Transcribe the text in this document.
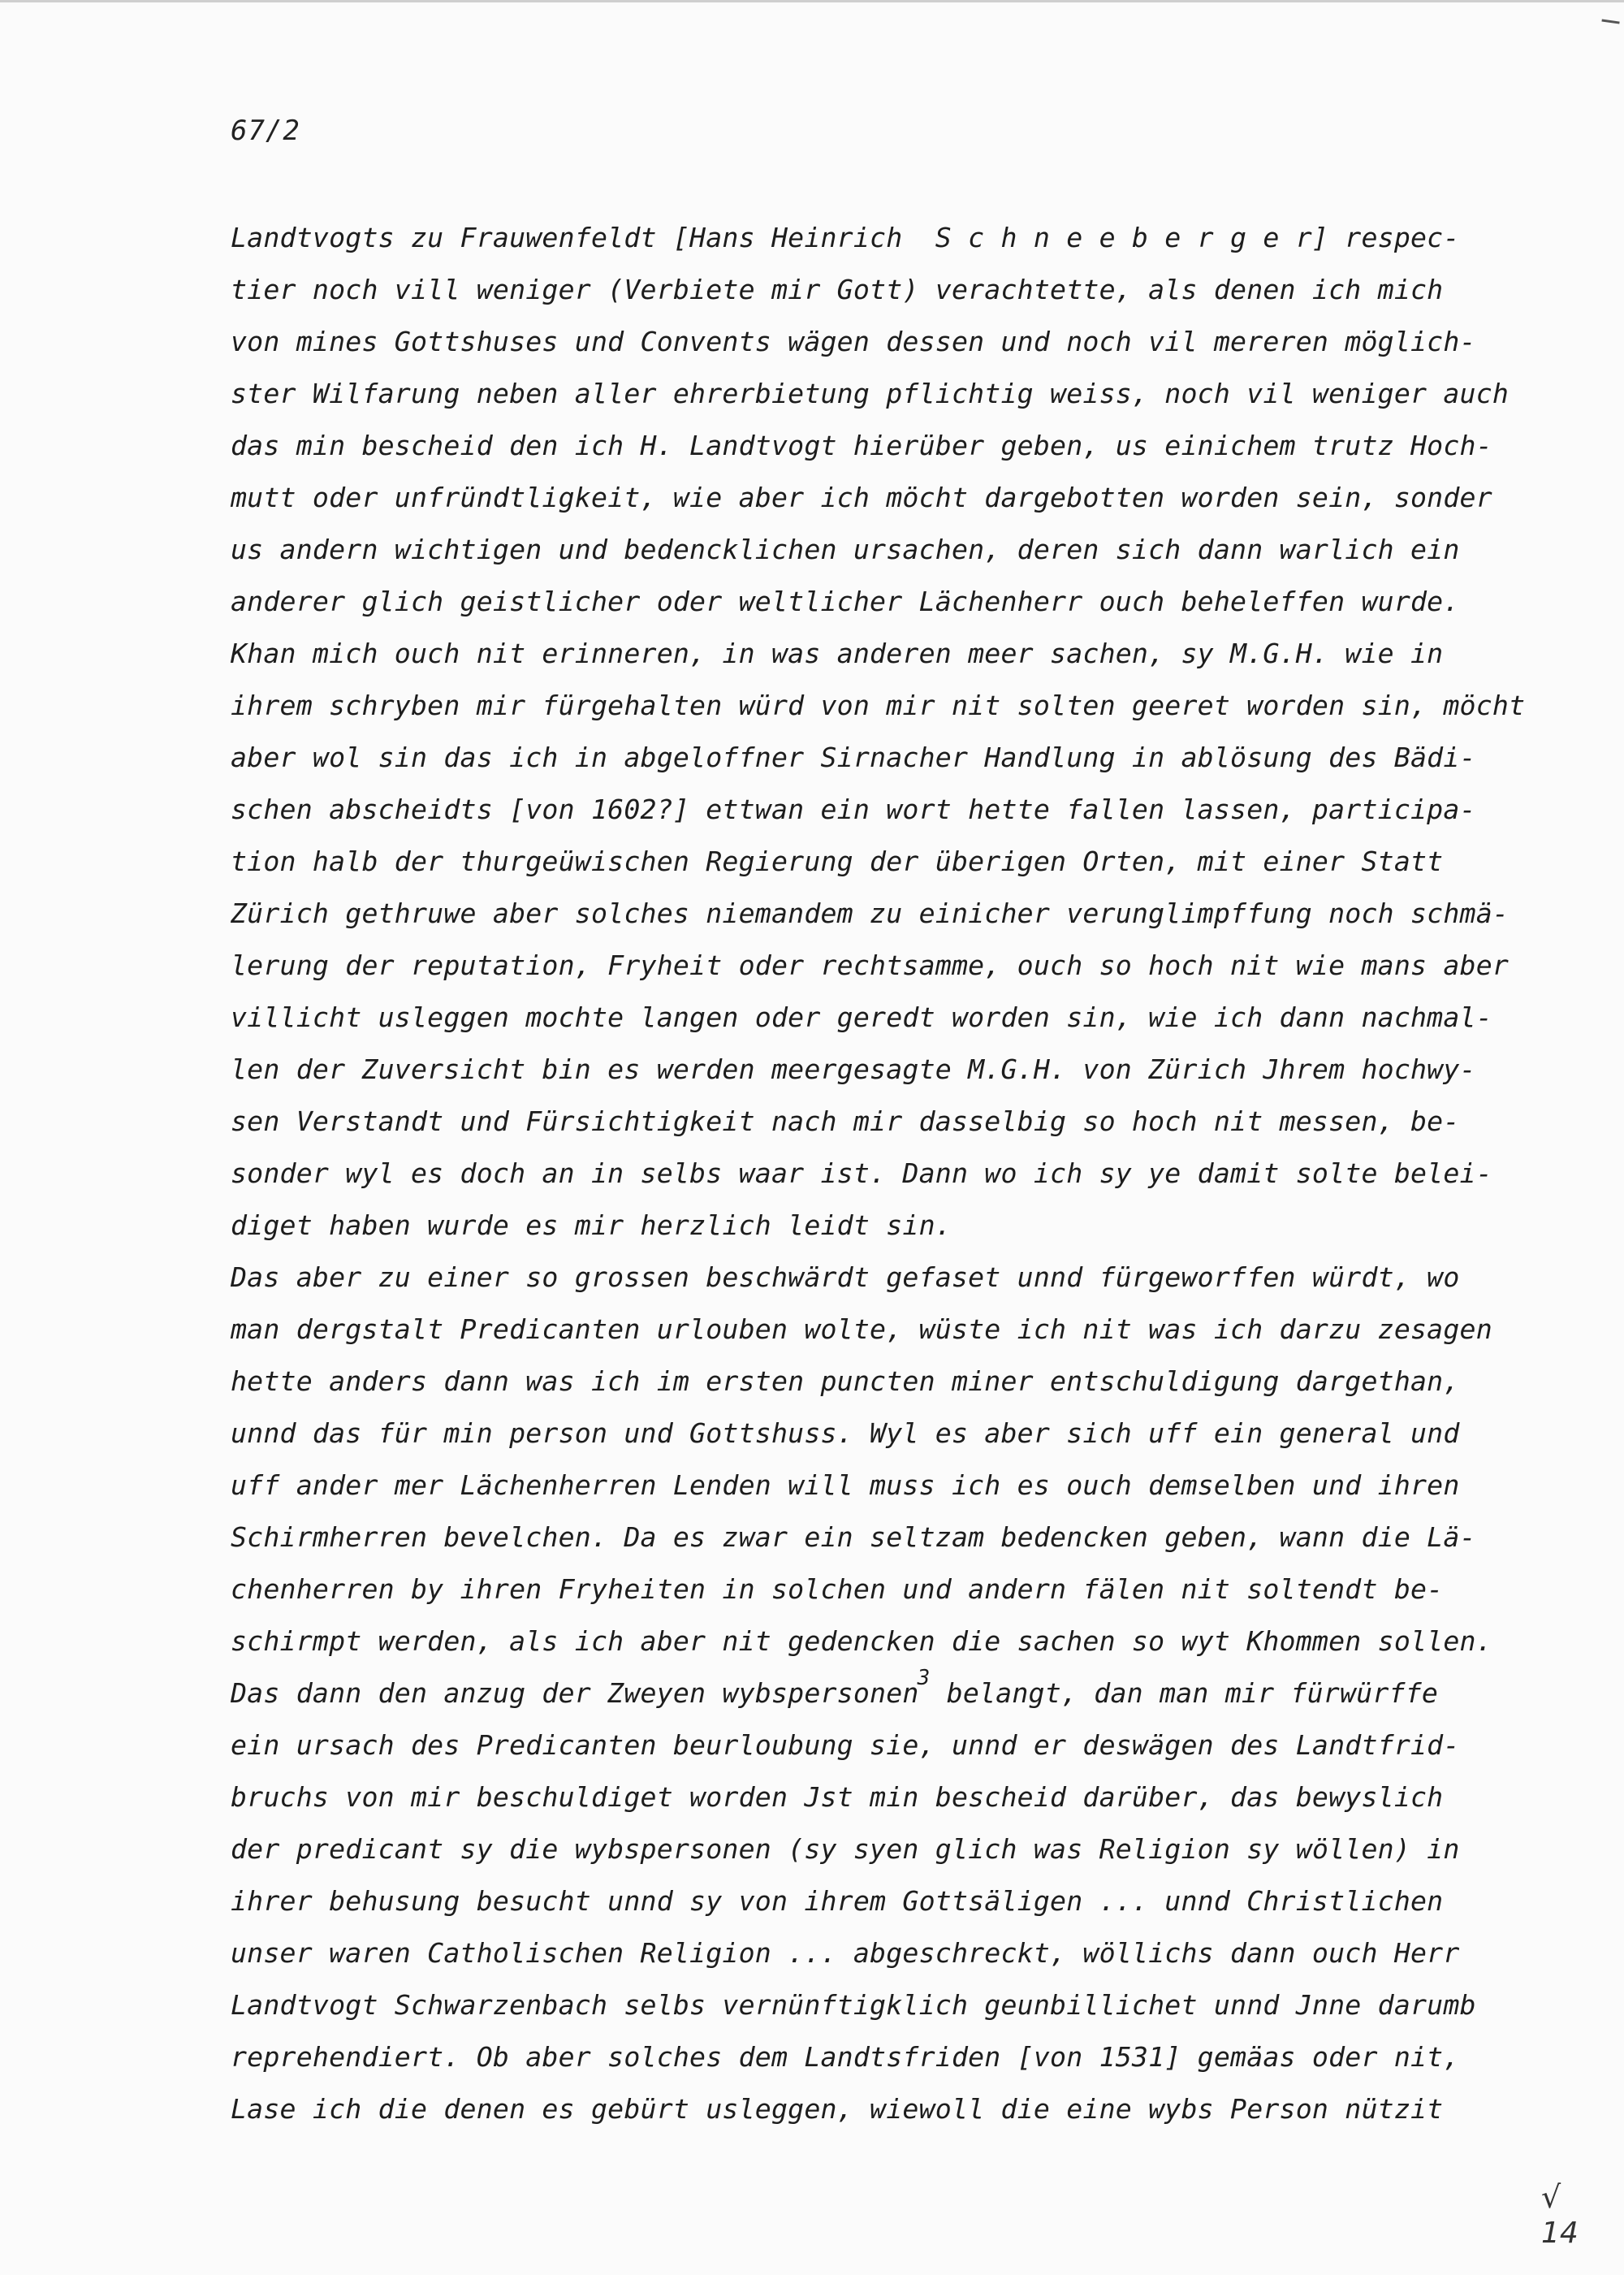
67/2
Landtvogts zu Frauwenfeldt [Hans Heinrich  S c h n e e b e r g e r] respec-
tier noch vill weniger (Verbiete mir Gott) verachtette, als denen ich mich
von mines Gottshuses und Convents wägen dessen und noch vil mereren möglich-
ster Wilfarung neben aller ehrerbietung pflichtig weiss, noch vil weniger auch
das min bescheid den ich H. Landtvogt hierüber geben, us einichem trutz Hoch-
mutt oder unfründtligkeit, wie aber ich möcht dargebotten worden sein, sonder
us andern wichtigen und bedencklichen ursachen, deren sich dann warlich ein
anderer glich geistlicher oder weltlicher Lächenherr ouch beheleffen wurde.
Khan mich ouch nit erinneren, in was anderen meer sachen, sy M.G.H. wie in
ihrem schryben mir fürgehalten würd von mir nit solten geeret worden sin, möcht
aber wol sin das ich in abgeloffner Sirnacher Handlung in ablösung des Bädi-
schen abscheidts [von 1602?] ettwan ein wort hette fallen lassen, participa-
tion halb der thurgeüwischen Regierung der überigen Orten, mit einer Statt
Zürich gethruwe aber solches niemandem zu einicher verunglimpffung noch schmä-
lerung der reputation, Fryheit oder rechtsamme, ouch so hoch nit wie mans aber
villicht usleggen mochte langen oder geredt worden sin, wie ich dann nachmal-
len der Zuversicht bin es werden meergesagte M.G.H. von Zürich Jhrem hochwy-
sen Verstandt und Fürsichtigkeit nach mir dasselbig so hoch nit messen, be-
sonder wyl es doch an in selbs waar ist. Dann wo ich sy ye damit solte belei-
diget haben wurde es mir herzlich leidt sin.
Das aber zu einer so grossen beschwärdt gefaset unnd fürgeworffen würdt, wo
man dergstalt Predicanten urlouben wolte, wüste ich nit was ich darzu zesagen
hette anders dann was ich im ersten puncten miner entschuldigung dargethan,
unnd das für min person und Gottshuss. Wyl es aber sich uff ein general und
uff ander mer Lächenherren Lenden will muss ich es ouch demselben und ihren
Schirmherren bevelchen. Da es zwar ein seltzam bedencken geben, wann die Lä-
chenherren by ihren Fryheiten in solchen und andern fälen nit soltendt be-
schirmpt werden, als ich aber nit gedencken die sachen so wyt Khommen sollen.
Das dann den anzug der Zweyen wybspersonen$^3$ belangt, dan man mir fürwürffe
ein ursach des Predicanten beurloubung sie, unnd er deswägen des Landtfrid-
bruchs von mir beschuldiget worden Jst min bescheid darüber, das bewyslich
der predicant sy die wybspersonen (sy syen glich was Religion sy wöllen) in
ihrer behusung besucht unnd sy von ihrem Gottsäligen ... unnd Christlichen
unser waren Catholischen Religion ... abgeschreckt, wöllichs dann ouch Herr
Landtvogt Schwarzenbach selbs vernünftigklich geunbillichet unnd Jnne darumb
reprehendiert. Ob aber solches dem Landtsfriden [von 1531] gemäas oder nit,
Lase ich die denen es gebürt usleggen, wiewoll die eine wybs Person nützit
√
14
